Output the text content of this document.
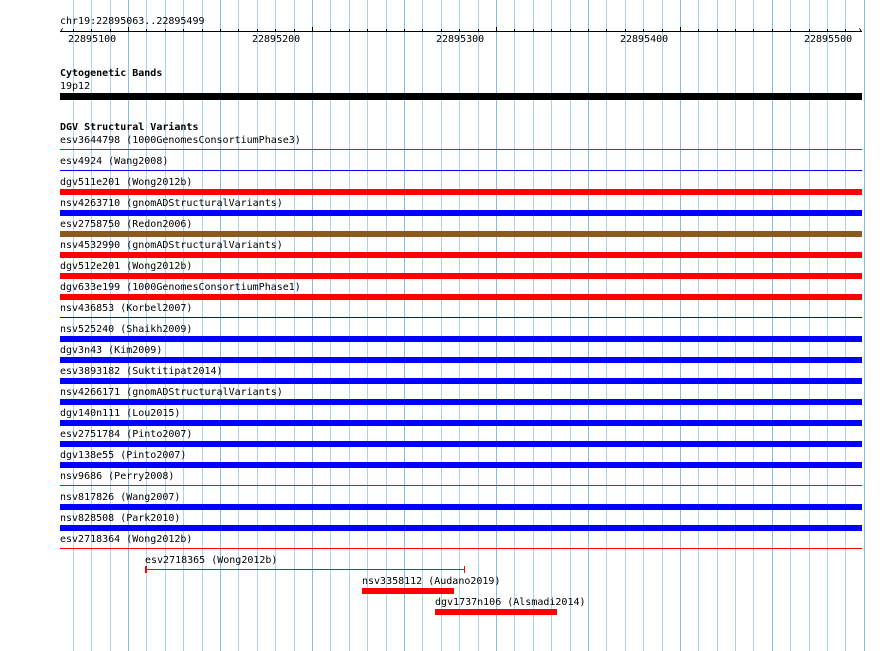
chr19:22895063..22895499
‹	›
22895100	22895200	22895300	22895400	22895500
Cytogenetic Bands
19p12
DGV Structural Variants
esv3644798 (1000GenomesConsortiumPhase3)
esv4924 (Wang2008)
dgv511e201 (Wong2012b)
nsv4263710 (gnomADStructuralVariants)
esv2758750 (Redon2006)
nsv4532990 (gnomADStructuralVariants)
dgv512e201 (Wong2012b)
dgv633e199 (1000GenomesConsortiumPhase1)
nsv436853 (Korbel2007)
nsv525240 (Shaikh2009)
dgv3n43 (Kim2009)
esv3893182 (Suktitipat2014)
nsv4266171 (gnomADStructuralVariants)
dgv140n111 (Lou2015)
esv2751784 (Pinto2007)
dgv138e55 (Pinto2007)
nsv9686 (Perry2008)
nsv817826 (Wang2007)
nsv828508 (Park2010)
esv2718364 (Wong2012b)
esv2718365 (Wong2012b)
nsv3358112 (Audano2019)
dgv1737n106 (Alsmadi2014)
